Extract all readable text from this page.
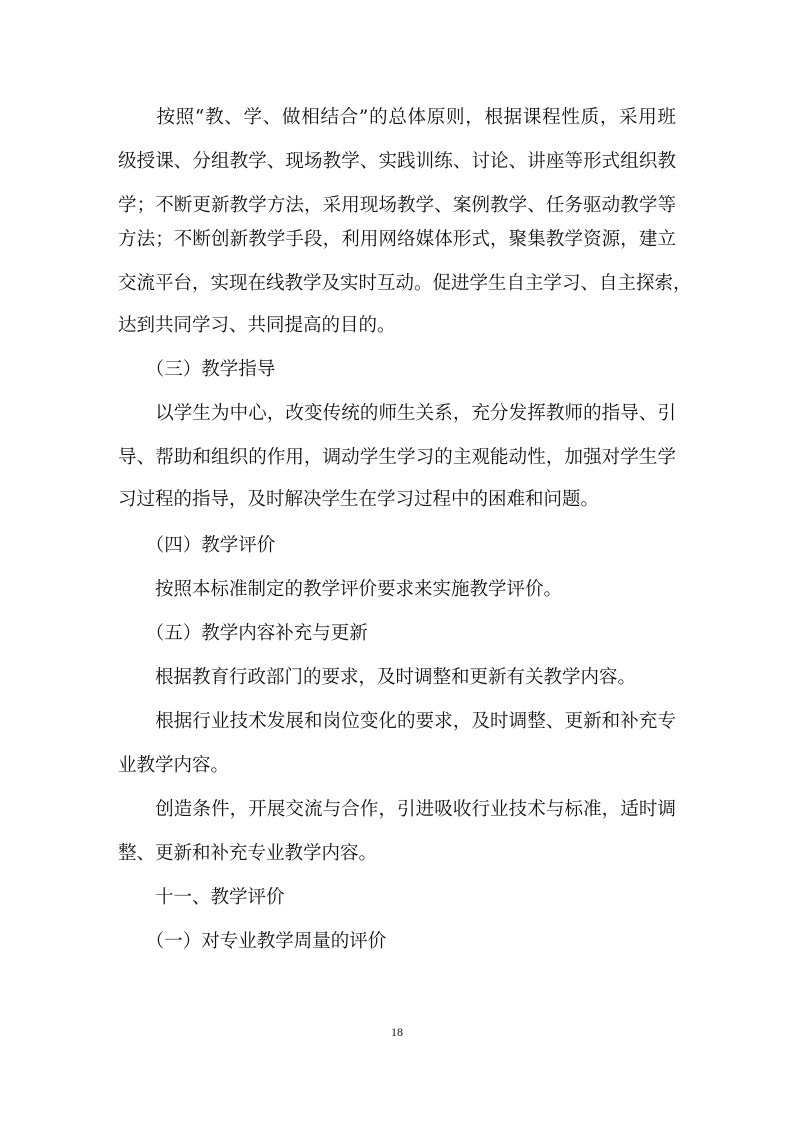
　　按照“教、学、做相结合”的总体原则，根据课程性质，采用班
级授课、分组教学、现场教学、实践训练、讨论、讲座等形式组织教
学；不断更新教学方法，采用现场教学、案例教学、任务驱动教学等
方法；不断创新教学手段，利用网络媒体形式，聚集教学资源，建立
交流平台，实现在线教学及实时互动。促进学生自主学习、自主探索，
达到共同学习、共同提高的目的。
　　（三）教学指导
　　以学生为中心，改变传统的师生关系，充分发挥教师的指导、引
导、帮助和组织的作用，调动学生学习的主观能动性，加强对学生学
习过程的指导，及时解决学生在学习过程中的困难和问题。
　　（四）教学评价
　　按照本标准制定的教学评价要求来实施教学评价。
　　（五）教学内容补充与更新
　　根据教育行政部门的要求，及时调整和更新有关教学内容。
　　根据行业技术发展和岗位变化的要求，及时调整、更新和补充专
业教学内容。
　　创造条件，开展交流与合作，引进吸收行业技术与标准，适时调
整、更新和补充专业教学内容。
　　十一、教学评价
　　（一）对专业教学周量的评价
18
